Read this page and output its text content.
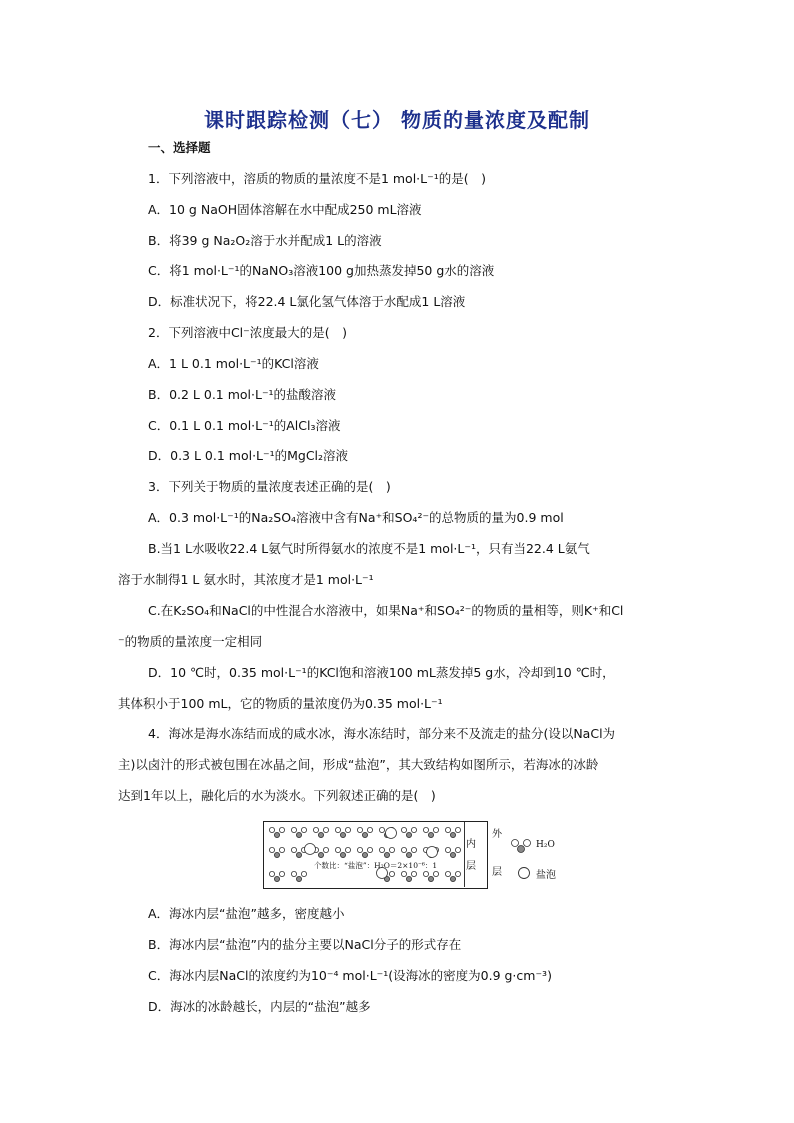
课时跟踪检测（七） 物质的量浓度及配制
一、选择题
1．下列溶液中，溶质的物质的量浓度不是1 mol·L⁻¹的是(　)
A．10 g NaOH固体溶解在水中配成250 mL溶液
B．将39 g Na₂O₂溶于水并配成1 L的溶液
C．将1 mol·L⁻¹的NaNO₃溶液100 g加热蒸发掉50 g水的溶液
D．标准状况下，将22.4 L氯化氢气体溶于水配成1 L溶液
2．下列溶液中Cl⁻浓度最大的是(　)
A．1 L 0.1 mol·L⁻¹的KCl溶液
B．0.2 L 0.1 mol·L⁻¹的盐酸溶液
C．0.1 L 0.1 mol·L⁻¹的AlCl₃溶液
D．0.3 L 0.1 mol·L⁻¹的MgCl₂溶液
3．下列关于物质的量浓度表述正确的是(　)
A．0.3 mol·L⁻¹的Na₂SO₄溶液中含有Na⁺和SO₄²⁻的总物质的量为0.9 mol
B.当1 L水吸收22.4 L氨气时所得氨水的浓度不是1 mol·L⁻¹，只有当22.4 L氨气
溶于水制得1 L 氨水时，其浓度才是1 mol·L⁻¹
C.在K₂SO₄和NaCl的中性混合水溶液中，如果Na⁺和SO₄²⁻的物质的量相等，则K⁺和Cl
⁻的物质的量浓度一定相同
D．10 ℃时，0.35 mol·L⁻¹的KCl饱和溶液100 mL蒸发掉5 g水，冷却到10 ℃时，
其体积小于100 mL，它的物质的量浓度仍为0.35 mol·L⁻¹
4．海冰是海水冻结而成的咸水冰，海水冻结时，部分来不及流走的盐分(设以NaCl为
主)以卤汁的形式被包围在冰晶之间，形成“盐泡”，其大致结构如图所示，若海冰的冰龄
达到1年以上，融化后的水为淡水。下列叙述正确的是(　)
个数比：“盐泡”：H₂O＝2×10⁻⁶：1
内
层
外
层
H₂O
盐泡
A．海冰内层“盐泡”越多，密度越小
B．海冰内层“盐泡”内的盐分主要以NaCl分子的形式存在
C．海冰内层NaCl的浓度约为10⁻⁴ mol·L⁻¹(设海冰的密度为0.9 g·cm⁻³)
D．海冰的冰龄越长，内层的“盐泡”越多
